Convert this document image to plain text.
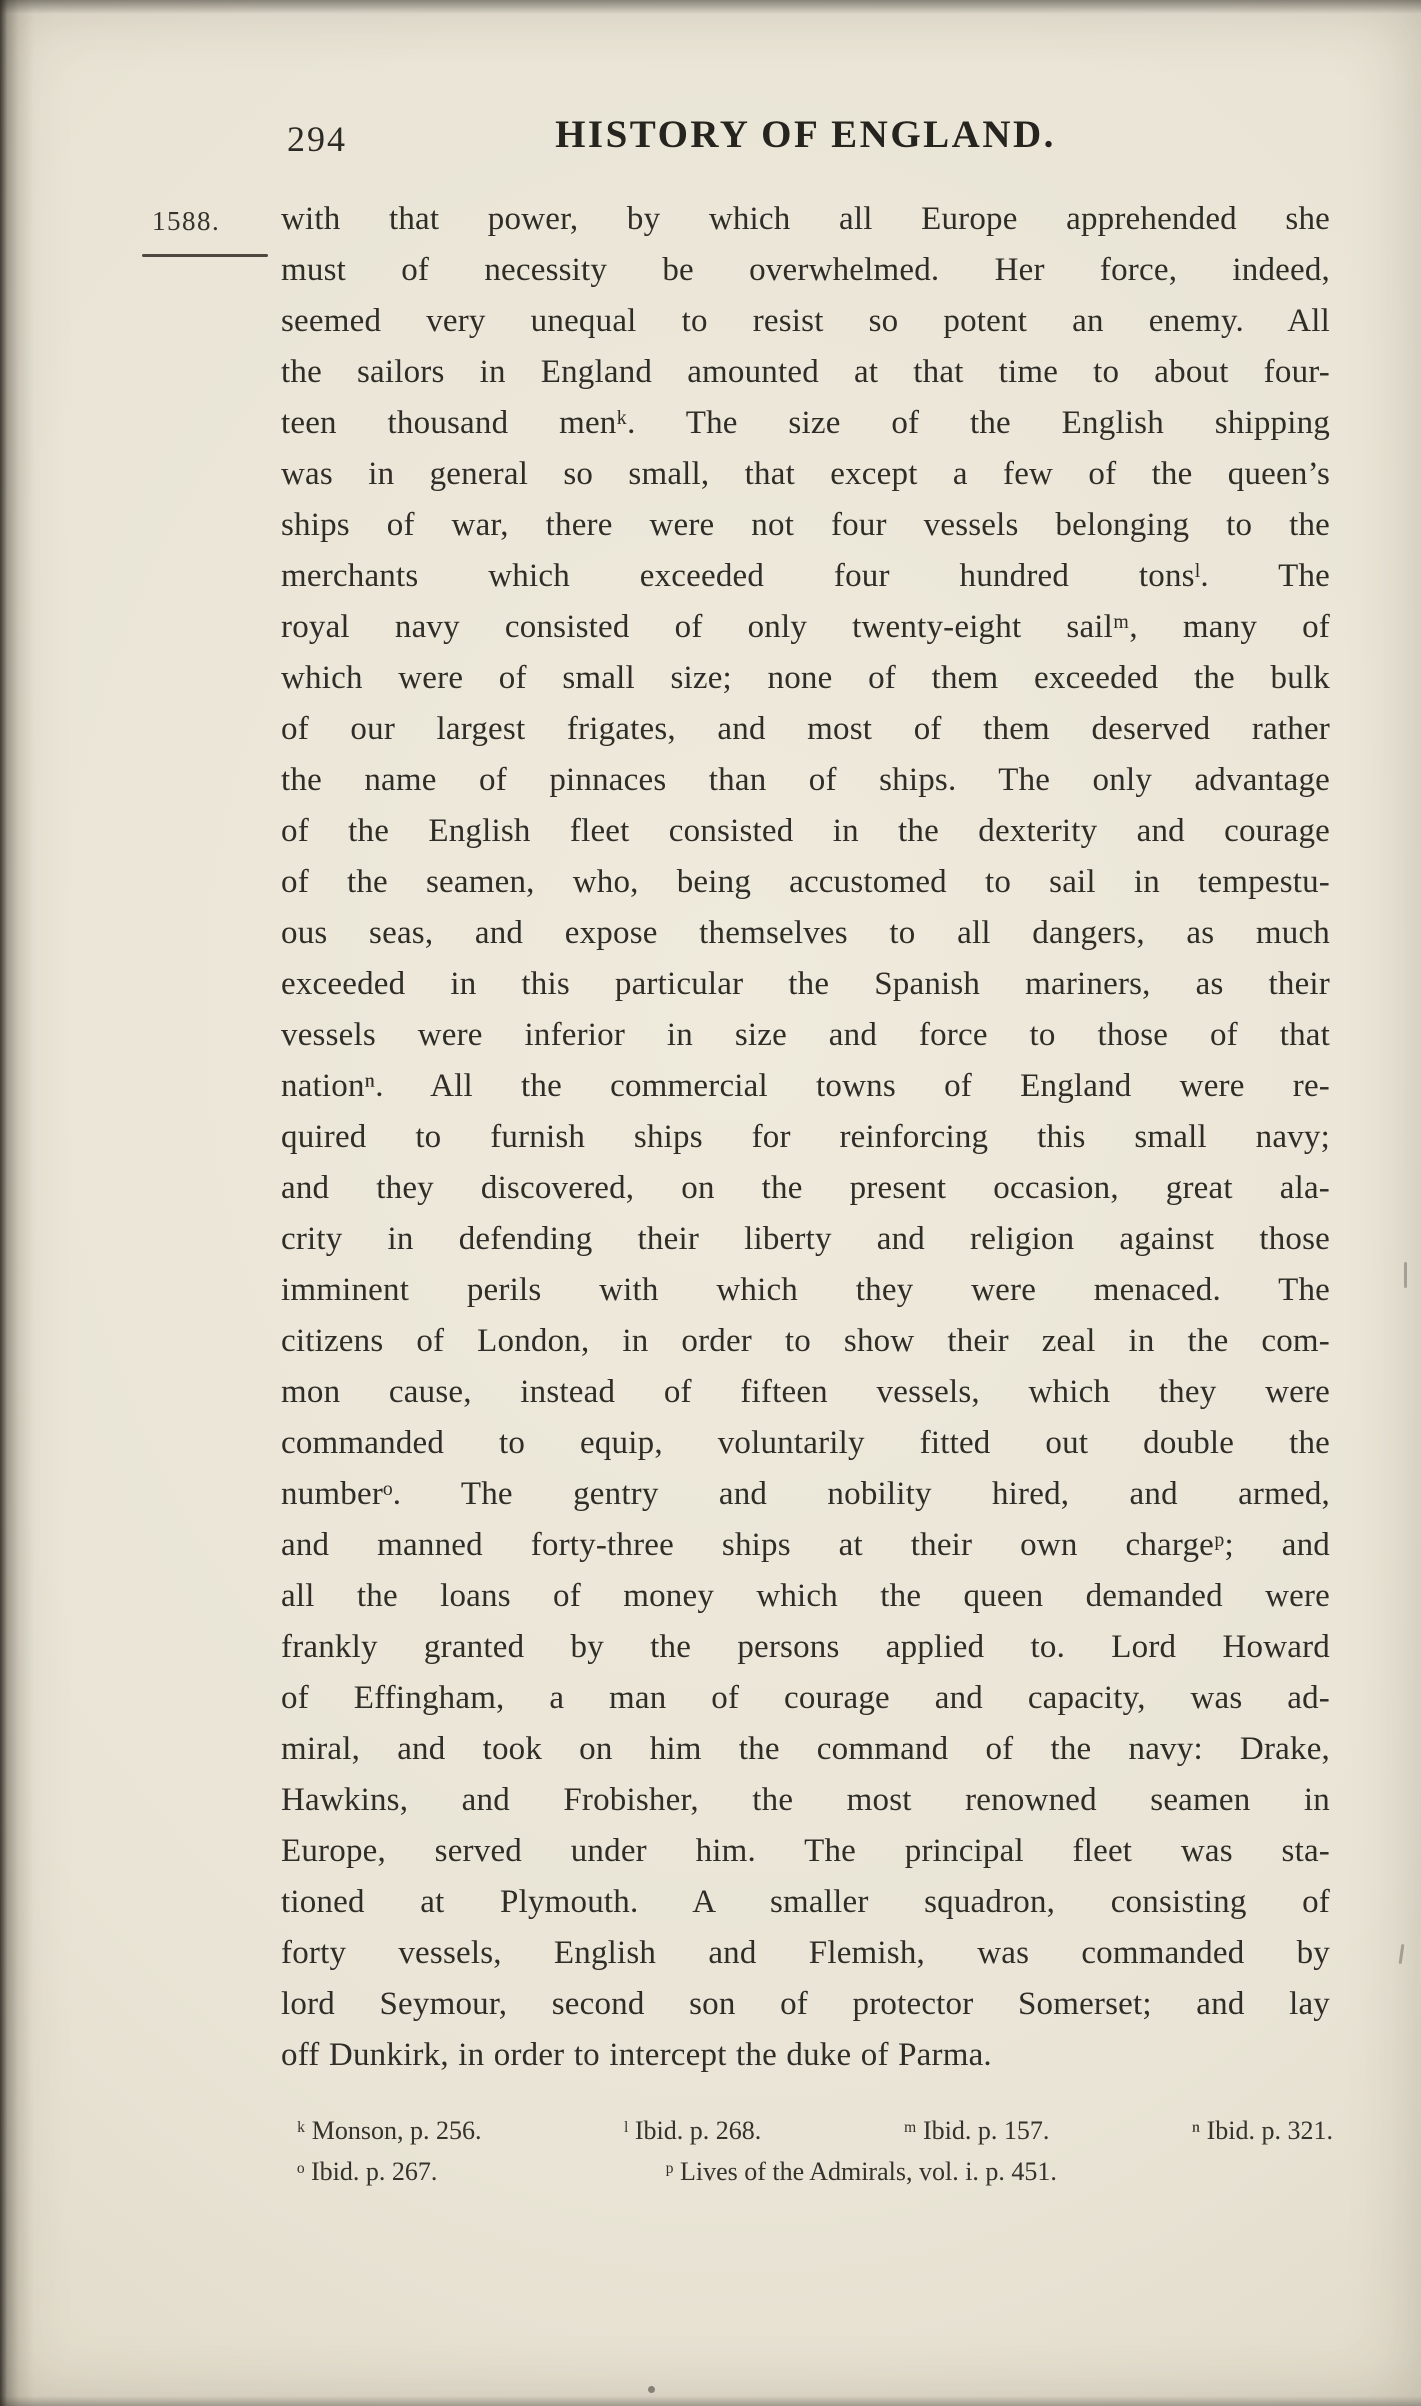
294	HISTORY OF ENGLAND.
1588. with that power, by which all Europe apprehended she
must of necessity be overwhelmed. Her force, indeed,
seemed very unequal to resist so potent an enemy. All
the sailors in England amounted at that time to about four-
teen thousand menᵏ. The size of the English shipping
was in general so small, that except a few of the queen’s
ships of war, there were not four vessels belonging to the
merchants which exceeded four hundred tonsˡ. The
royal navy consisted of only twenty-eight sailᵐ, many of
which were of small size; none of them exceeded the bulk
of our largest frigates, and most of them deserved rather
the name of pinnaces than of ships. The only advantage
of the English fleet consisted in the dexterity and courage
of the seamen, who, being accustomed to sail in tempestu-
ous seas, and expose themselves to all dangers, as much
exceeded in this particular the Spanish mariners, as their
vessels were inferior in size and force to those of that
nationⁿ. All the commercial towns of England were re-
quired to furnish ships for reinforcing this small navy;
and they discovered, on the present occasion, great ala-
crity in defending their liberty and religion against those
imminent perils with which they were menaced. The
citizens of London, in order to show their zeal in the com-
mon cause, instead of fifteen vessels, which they were
commanded to equip, voluntarily fitted out double the
numberᵒ. The gentry and nobility hired, and armed,
and manned forty-three ships at their own chargeᵖ; and
all the loans of money which the queen demanded were
frankly granted by the persons applied to. Lord Howard
of Effingham, a man of courage and capacity, was ad-
miral, and took on him the command of the navy: Drake,
Hawkins, and Frobisher, the most renowned seamen in
Europe, served under him. The principal fleet was sta-
tioned at Plymouth. A smaller squadron, consisting of
forty vessels, English and Flemish, was commanded by
lord Seymour, second son of protector Somerset; and lay
off Dunkirk, in order to intercept the duke of Parma.
ᵏ Monson, p. 256.	ˡ Ibid. p. 268.	ᵐ Ibid. p. 157.	ⁿ Ibid. p. 321.
ᵒ Ibid. p. 267.	ᵖ Lives of the Admirals, vol. i. p. 451.
